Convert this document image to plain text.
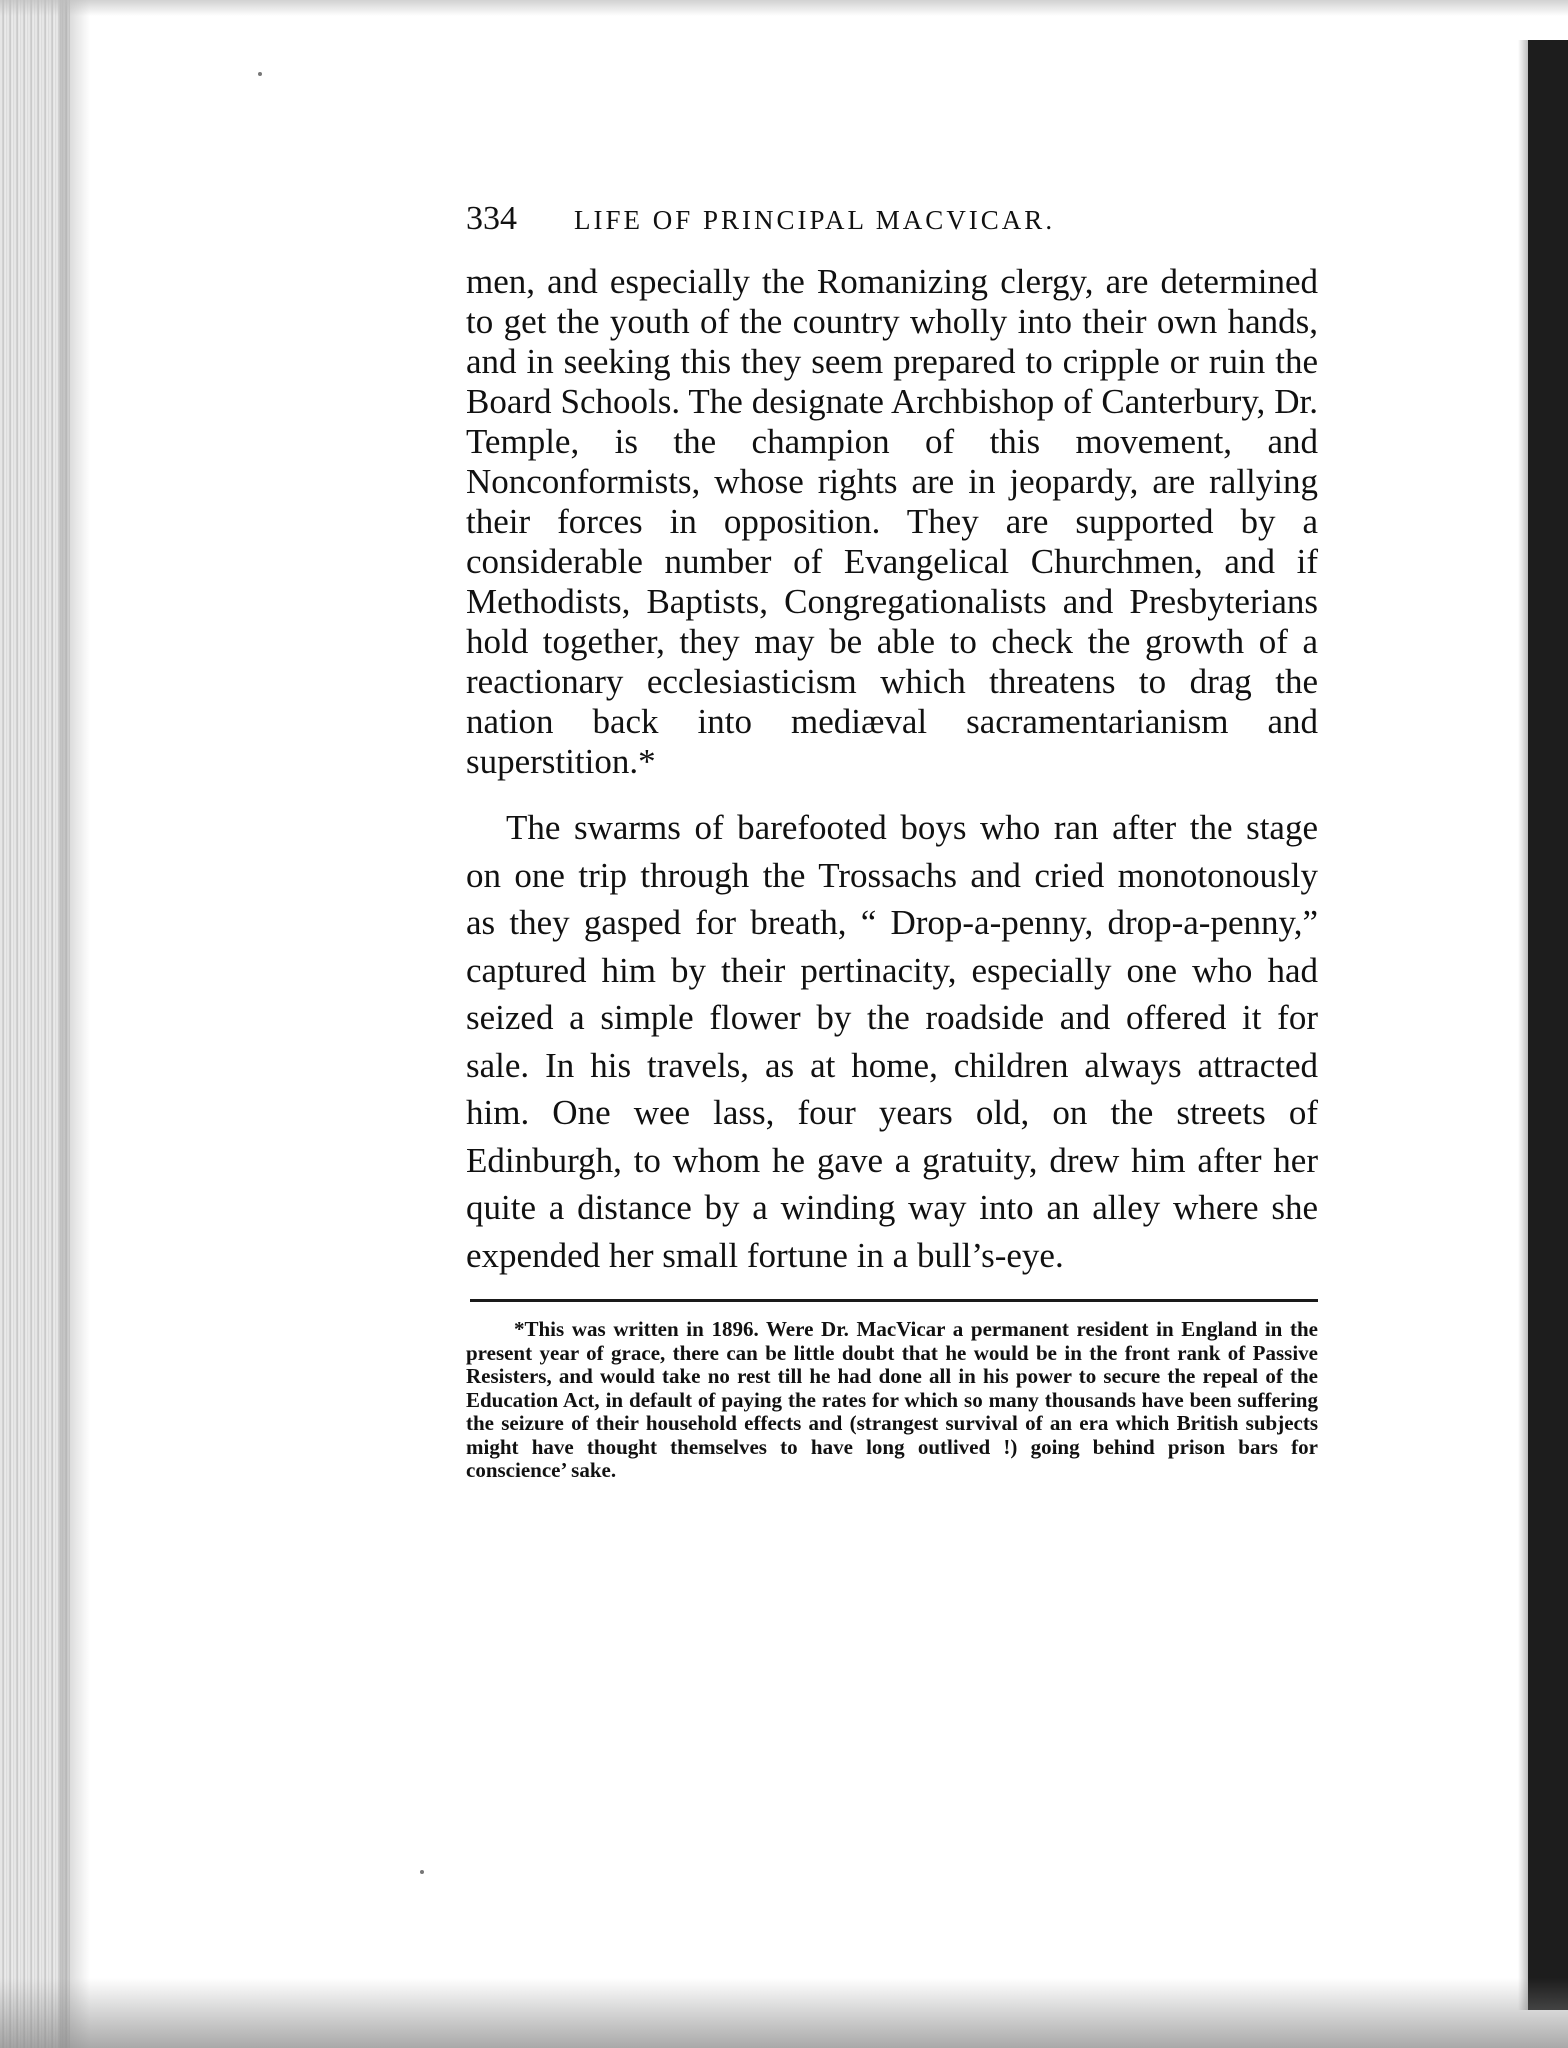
334	LIFE OF PRINCIPAL MACVICAR.

men, and especially the Romanizing clergy, are determined to get the youth of the country wholly into their own hands, and in seeking this they seem prepared to cripple or ruin the Board Schools. The designate Archbishop of Canterbury, Dr. Temple, is the champion of this movement, and Nonconformists, whose rights are in jeopardy, are rallying their forces in opposition. They are supported by a considerable number of Evangelical Churchmen, and if Methodists, Baptists, Congregationalists and Presbyterians hold together, they may be able to check the growth of a reactionary ecclesiasticism which threatens to drag the nation back into mediæval sacramentarianism and superstition.*

The swarms of barefooted boys who ran after the stage on one trip through the Trossachs and cried monotonously as they gasped for breath, “ Drop-a-penny, drop-a-penny,” captured him by their pertinacity, especially one who had seized a simple flower by the roadside and offered it for sale. In his travels, as at home, children always attracted him. One wee lass, four years old, on the streets of Edinburgh, to whom he gave a gratuity, drew him after her quite a distance by a winding way into an alley where she expended her small fortune in a bull’s-eye.

*This was written in 1896. Were Dr. MacVicar a permanent resident in England in the present year of grace, there can be little doubt that he would be in the front rank of Passive Resisters, and would take no rest till he had done all in his power to secure the repeal of the Education Act, in default of paying the rates for which so many thousands have been suffering the seizure of their household effects and (strangest survival of an era which British subjects might have thought themselves to have long outlived !) going behind prison bars for conscience’ sake.
